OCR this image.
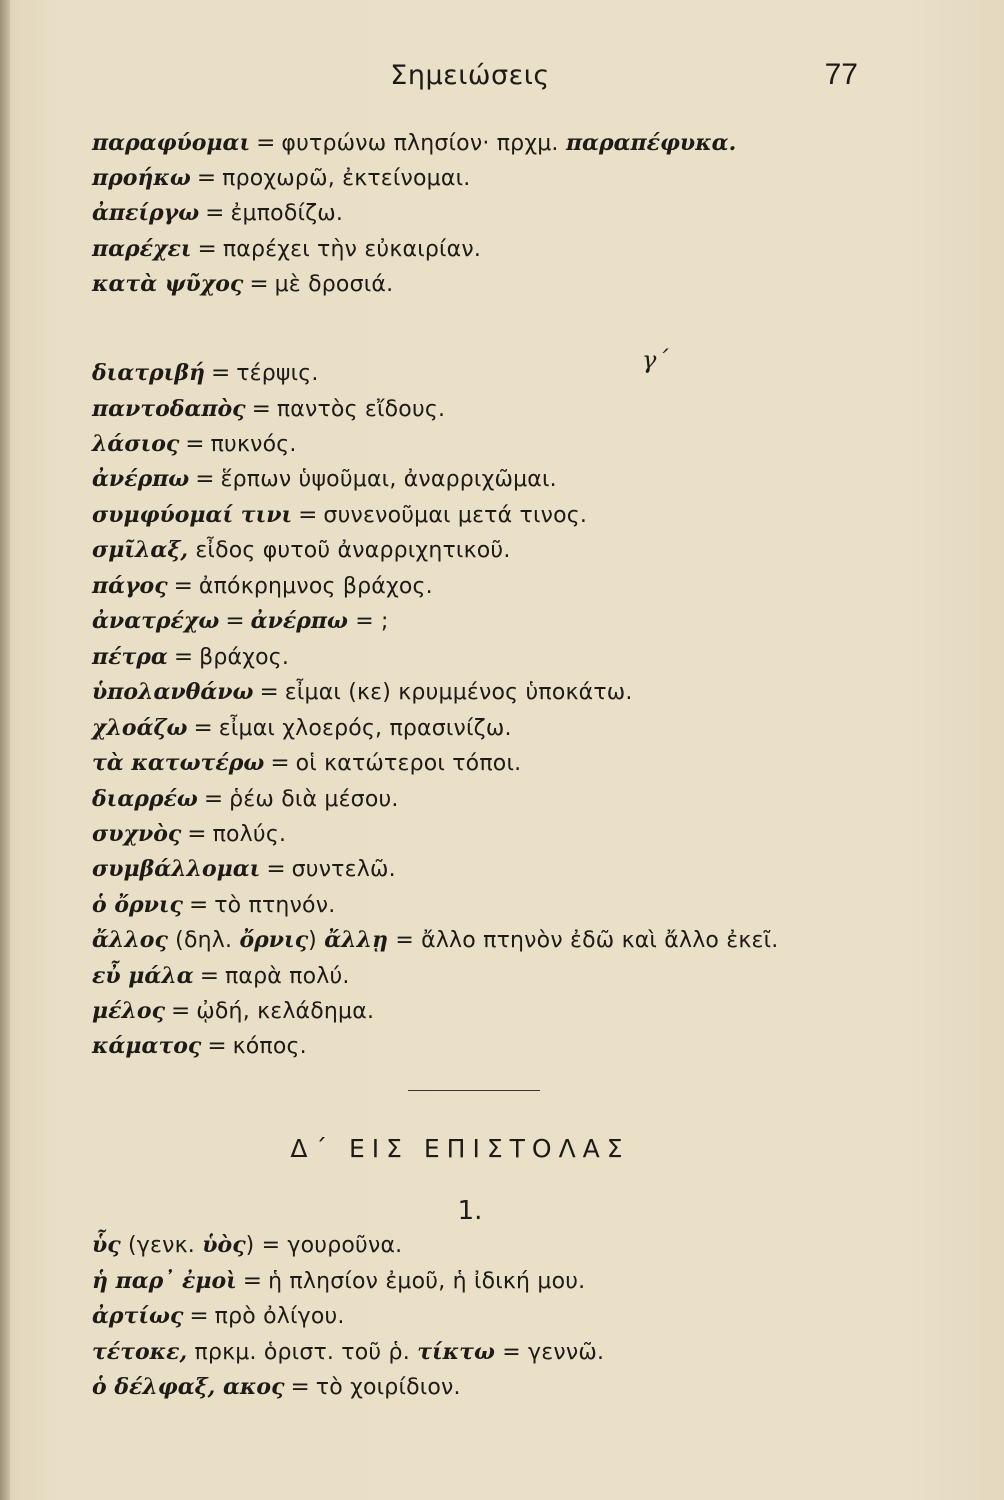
Σημειώσεις	77
παραφύομαι = φυτρώνω πλησίον· πρχμ. παραπέφυκα.
προήκω = προχωρῶ, ἐκτείνομαι.
ἀπείργω = ἐμποδίζω.
παρέχει = παρέχει τὴν εὐκαιρίαν.
κατὰ ψῦχος = μὲ δροσιά.
γ΄
διατριβή = τέρψις.
παντοδαπὸς = παντὸς εἴδους.
λάσιος = πυκνός.
ἀνέρπω = ἕρπων ὑψοῦμαι, ἀναρριχῶμαι.
συμφύομαί τινι = συνενοῦμαι μετά τινος.
σμῖλαξ, εἶδος φυτοῦ ἀναρριχητικοῦ.
πάγος = ἀπόκρημνος βράχος.
ἀνατρέχω = ἀνέρπω = ;
πέτρα = βράχος.
ὑπολανθάνω = εἶμαι (κε) κρυμμένος ὑποκάτω.
χλοάζω = εἶμαι χλοερός, πρασινίζω.
τὰ κατωτέρω = οἱ κατώτεροι τόποι.
διαρρέω = ῥέω διὰ μέσου.
συχνὸς = πολύς.
συμβάλλομαι = συντελῶ.
ὁ ὄρνις = τὸ πτηνόν.
ἄλλος (δηλ. ὄρνις) ἄλλῃ = ἄλλο πτηνὸν ἐδῶ καὶ ἄλλο ἐκεῖ.
εὖ μάλα = παρὰ πολύ.
μέλος = ᾠδή, κελάδημα.
κάματος = κόπος.
Δ΄ ΕΙΣ ΕΠΙΣΤΟΛΑΣ
1.
ὗς (γενκ. ὑὸς) = γουροῦνα.
ἡ παρ᾽ ἐμοὶ = ἡ πλησίον ἐμοῦ, ἡ ἰδική μου.
ἀρτίως = πρὸ ὀλίγου.
τέτοκε, πρκμ. ὁριστ. τοῦ ῥ. τίκτω = γεννῶ.
ὁ δέλφαξ, ακος = τὸ χοιρίδιον.
